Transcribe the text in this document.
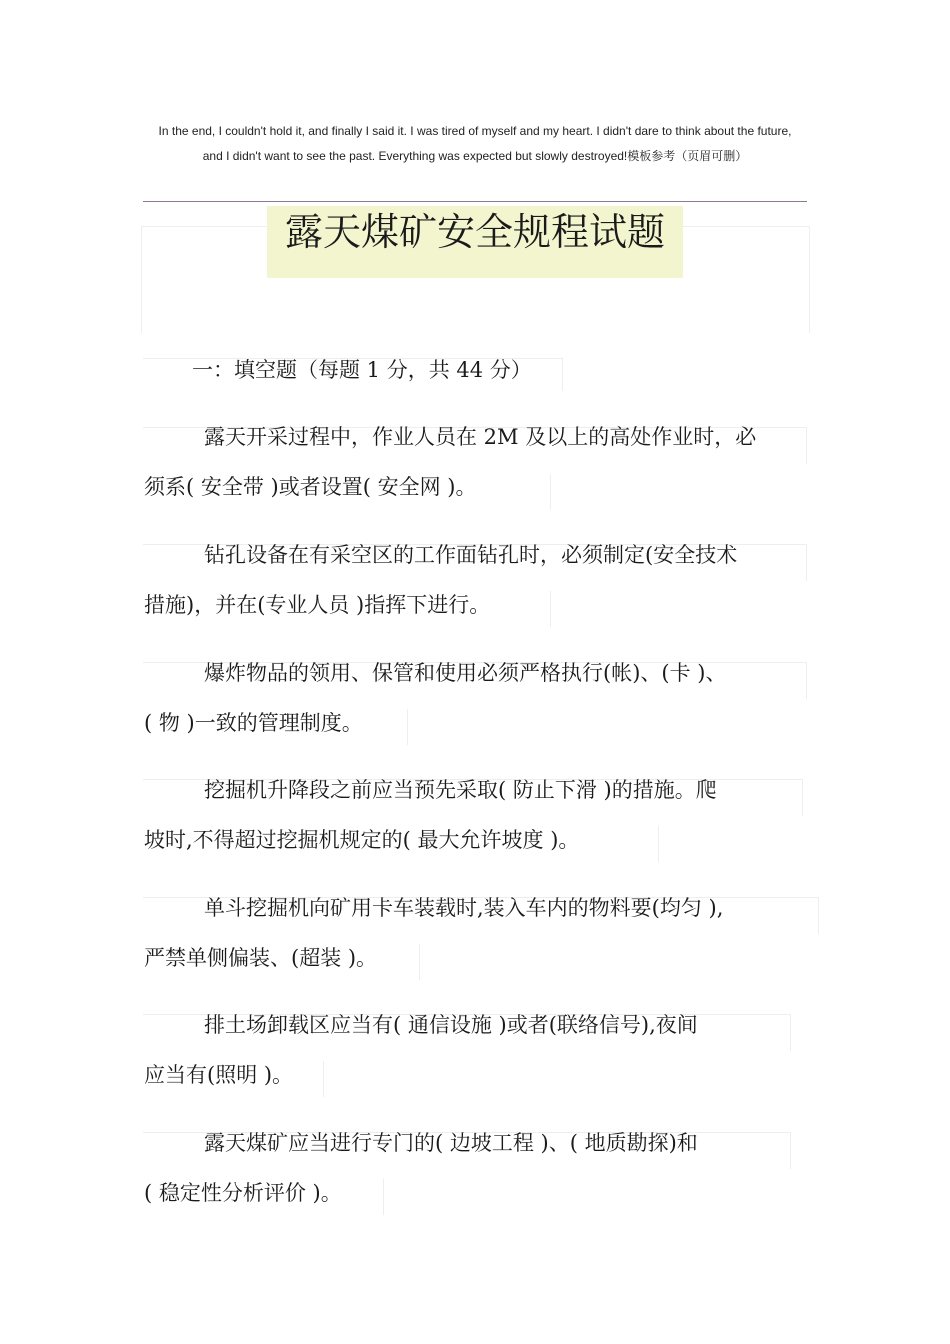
In the end, I couldn't hold it, and finally I said it. I was tired of myself and my heart. I didn't dare to think about the future, and I didn't want to see the past. Everything was expected but slowly destroyed!模板参考（页眉可删）
露天煤矿安全规程试题
一：填空题（每题 1 分，共 44 分）
露天开采过程中，作业人员在 2M 及以上的高处作业时，必
须系( 安全带 )或者设置( 安全网 )。
钻孔设备在有采空区的工作面钻孔时，必须制定(安全技术
措施)，并在(专业人员 )指挥下进行。
爆炸物品的领用、保管和使用必须严格执行(帐)、(卡 )、
( 物 )一致的管理制度。
挖掘机升降段之前应当预先采取( 防止下滑 )的措施。爬
坡时,不得超过挖掘机规定的( 最大允许坡度 )。
单斗挖掘机向矿用卡车装载时,装入车内的物料要(均匀 ),
严禁单侧偏装、(超装 )。
排土场卸载区应当有( 通信设施 )或者(联络信号),夜间
应当有(照明 )。
露天煤矿应当进行专门的( 边坡工程 )、( 地质勘探)和
( 稳定性分析评价 )。
